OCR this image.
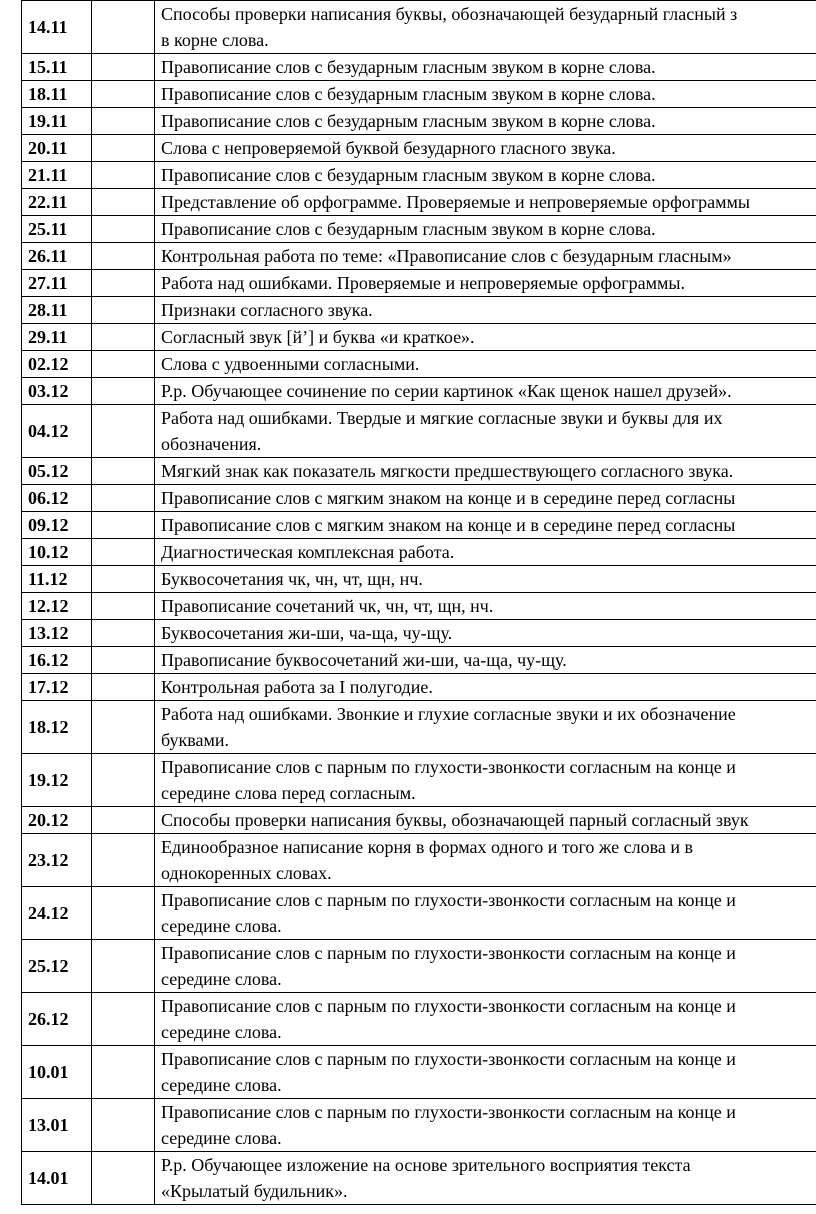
14.11		Способы проверки написания буквы, обозначающей безударный гласный з
в корне слова.

15.11		Правописание слов с безударным гласным звуком в корне слова.

18.11		Правописание слов с безударным гласным звуком в корне слова.

19.11		Правописание слов с безударным гласным звуком в корне слова.

20.11		Слова с непроверяемой буквой безударного гласного звука.

21.11		Правописание слов с безударным гласным звуком в корне слова.

22.11		Представление об орфограмме. Проверяемые и непроверяемые орфограммы

25.11		Правописание слов с безударным гласным звуком в корне слова.

26.11		Контрольная работа по теме: «Правописание слов с безударным гласным»

27.11		Работа над ошибками. Проверяемые и непроверяемые орфограммы.

28.11		Признаки согласного звука.

29.11		Согласный звук [й’] и буква «и краткое».

02.12		Слова с удвоенными согласными.

03.12		Р.р. Обучающее сочинение по серии картинок «Как щенок нашел друзей».

04.12		Работа над ошибками. Твердые и мягкие согласные звуки и буквы для их
обозначения.

05.12		Мягкий знак как показатель мягкости предшествующего согласного звука.

06.12		Правописание слов с мягким знаком на конце и в середине перед согласны

09.12		Правописание слов с мягким знаком на конце и в середине перед согласны

10.12		Диагностическая комплексная работа.

11.12		Буквосочетания чк, чн, чт, щн, нч.

12.12		Правописание сочетаний чк, чн, чт, щн, нч.

13.12		Буквосочетания жи-ши, ча-ща, чу-щу.

16.12		Правописание буквосочетаний жи-ши, ча-ща, чу-щу.

17.12		Контрольная работа за I полугодие.

18.12		Работа над ошибками. Звонкие и глухие согласные звуки и их обозначение
буквами.

19.12		Правописание слов с парным по глухости-звонкости согласным на конце и
середине слова перед согласным.

20.12		Способы проверки написания буквы, обозначающей парный согласный звук

23.12		Единообразное написание корня в формах одного и того же слова и в
однокоренных словах.

24.12		Правописание слов с парным по глухости-звонкости согласным на конце и
середине слова.

25.12		Правописание слов с парным по глухости-звонкости согласным на конце и
середине слова.

26.12		Правописание слов с парным по глухости-звонкости согласным на конце и
середине слова.

10.01		Правописание слов с парным по глухости-звонкости согласным на конце и
середине слова.

13.01		Правописание слов с парным по глухости-звонкости согласным на конце и
середине слова.

14.01		Р.р. Обучающее изложение на основе зрительного восприятия текста
«Крылатый будильник».
